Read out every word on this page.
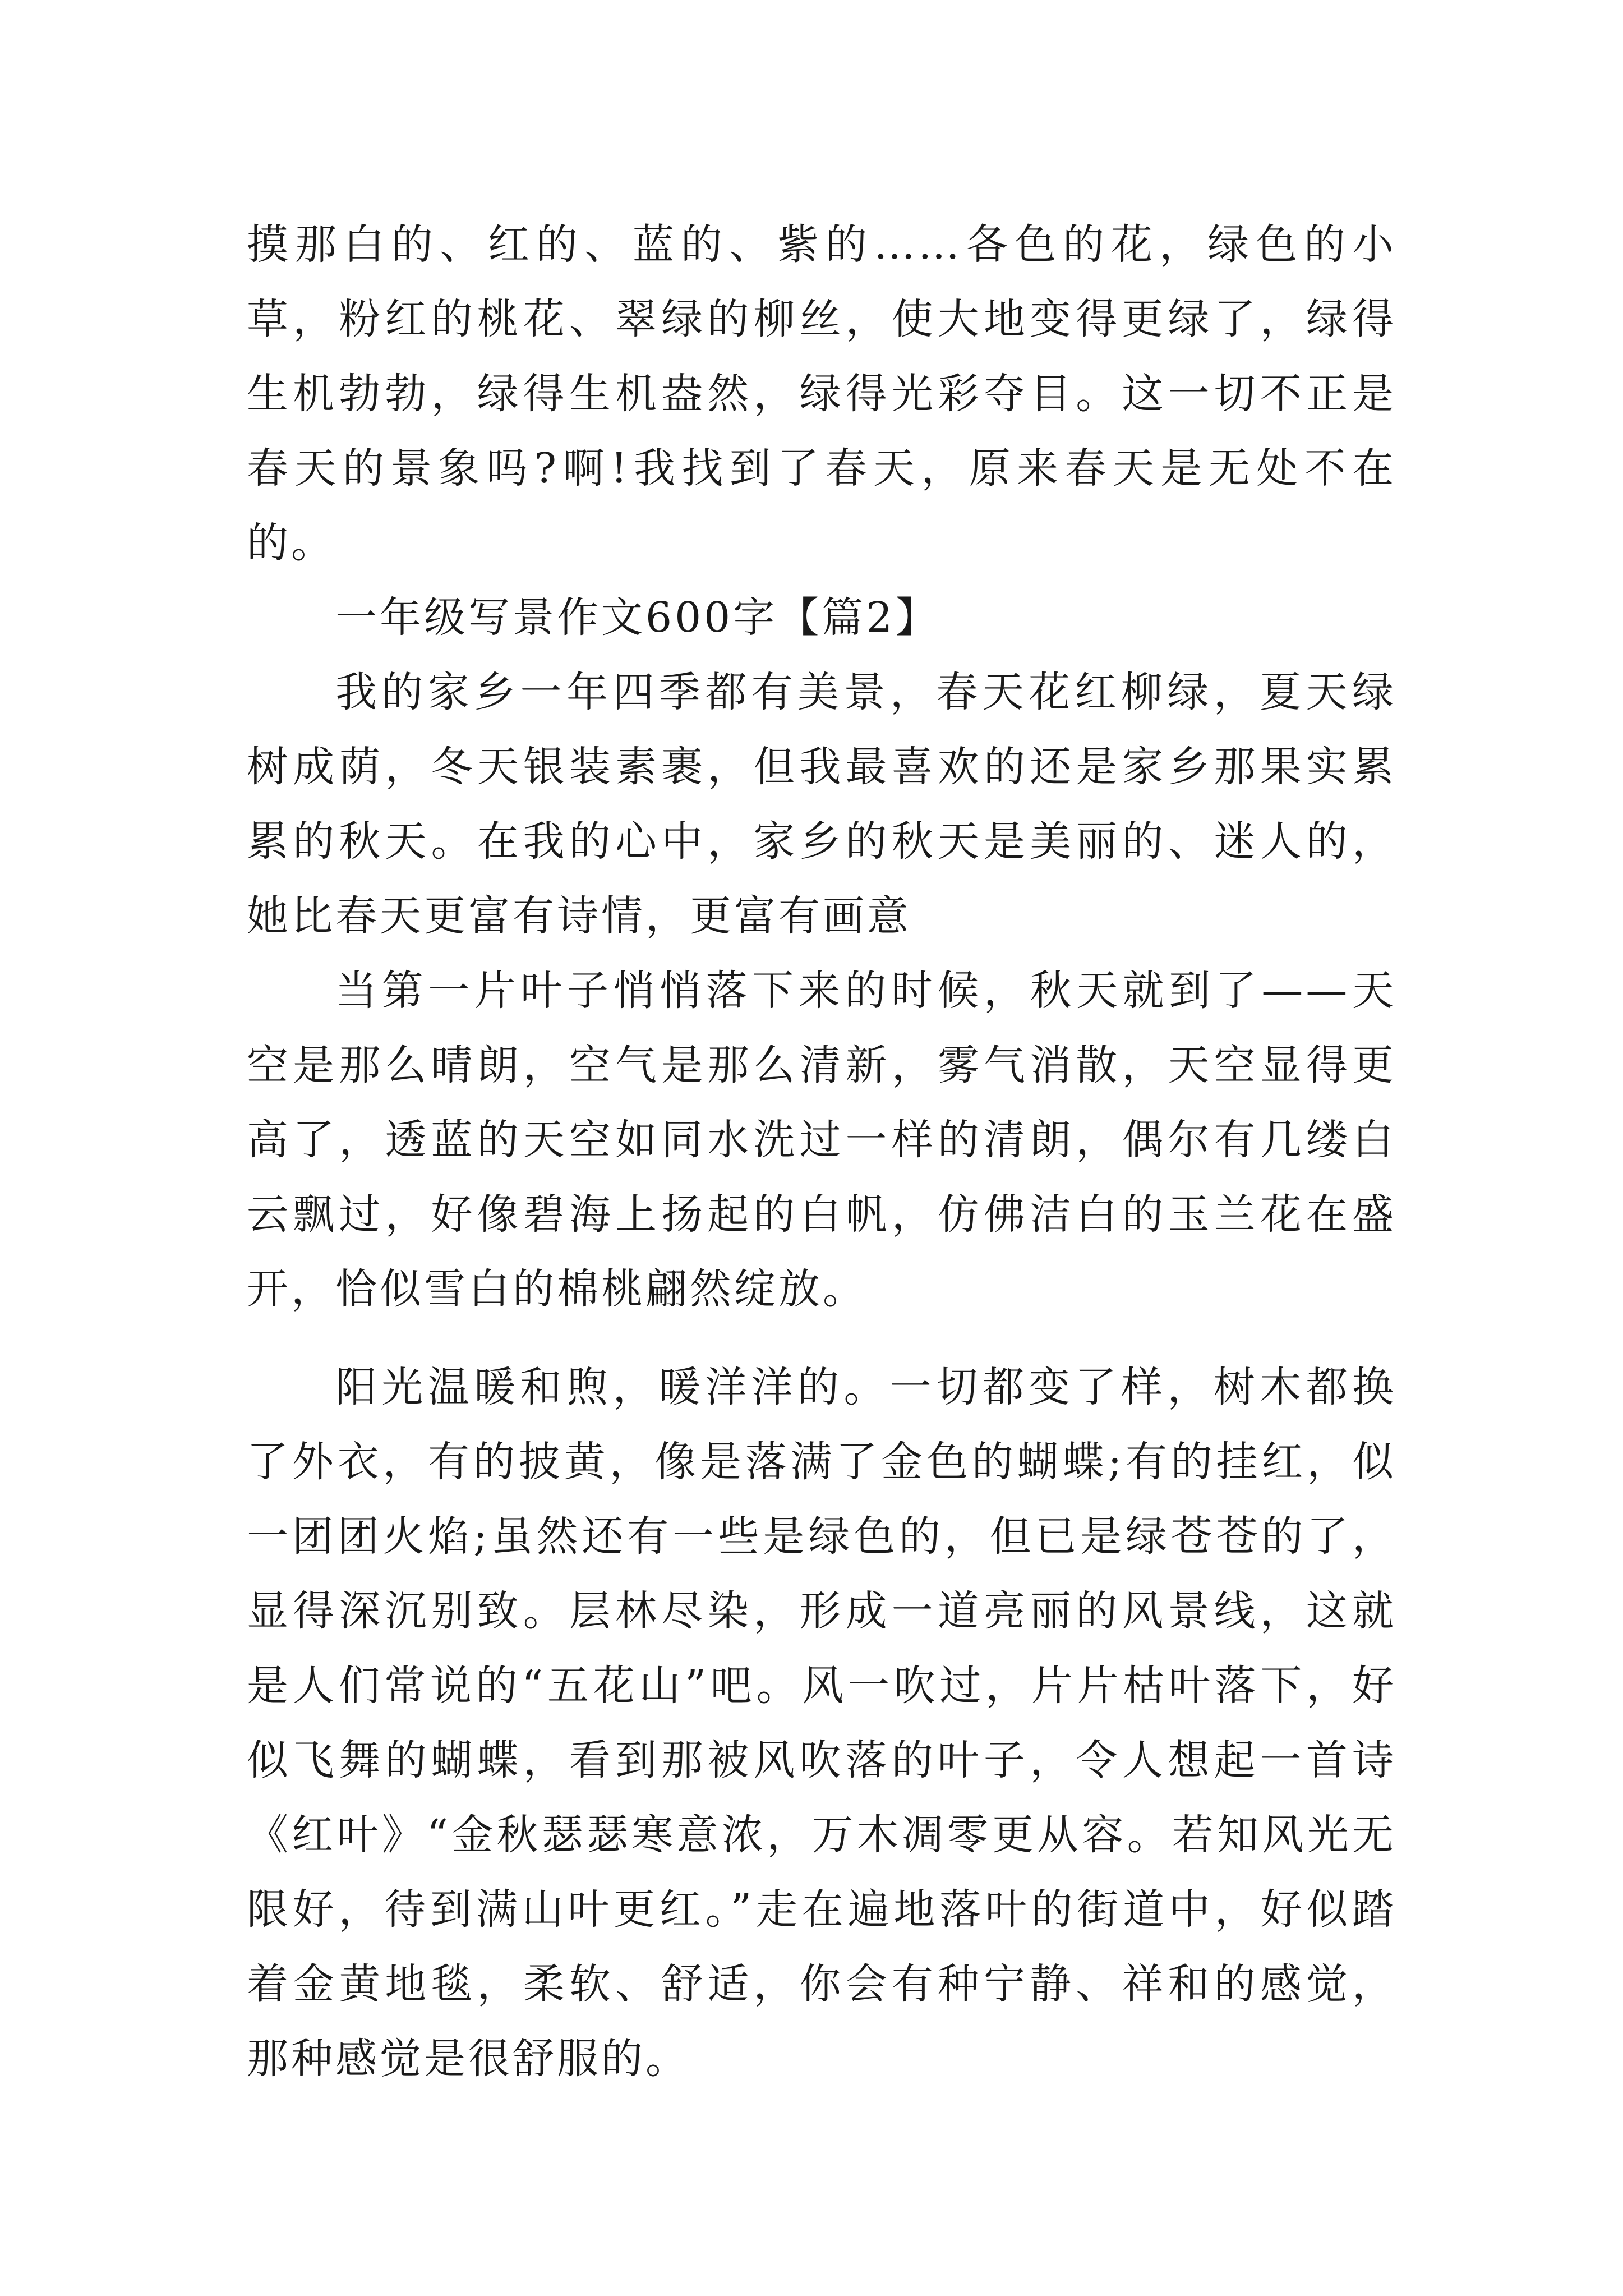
摸那白的、红的、蓝的、紫的……各色的花，绿色的小草，粉红的桃花、翠绿的柳丝，使大地变得更绿了，绿得生机勃勃，绿得生机盎然，绿得光彩夺目。这一切不正是春天的景象吗?啊!我找到了春天，原来春天是无处不在的。

一年级写景作文600字【篇2】

我的家乡一年四季都有美景，春天花红柳绿，夏天绿树成荫，冬天银装素裹，但我最喜欢的还是家乡那果实累累的秋天。在我的心中，家乡的秋天是美丽的、迷人的，她比春天更富有诗情，更富有画意

当第一片叶子悄悄落下来的时候，秋天就到了——天空是那么晴朗，空气是那么清新，雾气消散，天空显得更高了，透蓝的天空如同水洗过一样的清朗，偶尔有几缕白云飘过，好像碧海上扬起的白帆，仿佛洁白的玉兰花在盛开，恰似雪白的棉桃翩然绽放。

阳光温暖和煦，暖洋洋的。一切都变了样，树木都换了外衣，有的披黄，像是落满了金色的蝴蝶;有的挂红，似一团团火焰;虽然还有一些是绿色的，但已是绿苍苍的了，显得深沉别致。层林尽染，形成一道亮丽的风景线，这就是人们常说的“五花山”吧。风一吹过，片片枯叶落下，好似飞舞的蝴蝶，看到那被风吹落的叶子，令人想起一首诗《红叶》“金秋瑟瑟寒意浓，万木凋零更从容。若知风光无限好，待到满山叶更红。”走在遍地落叶的街道中，好似踏着金黄地毯，柔软、舒适，你会有种宁静、祥和的感觉，那种感觉是很舒服的。
